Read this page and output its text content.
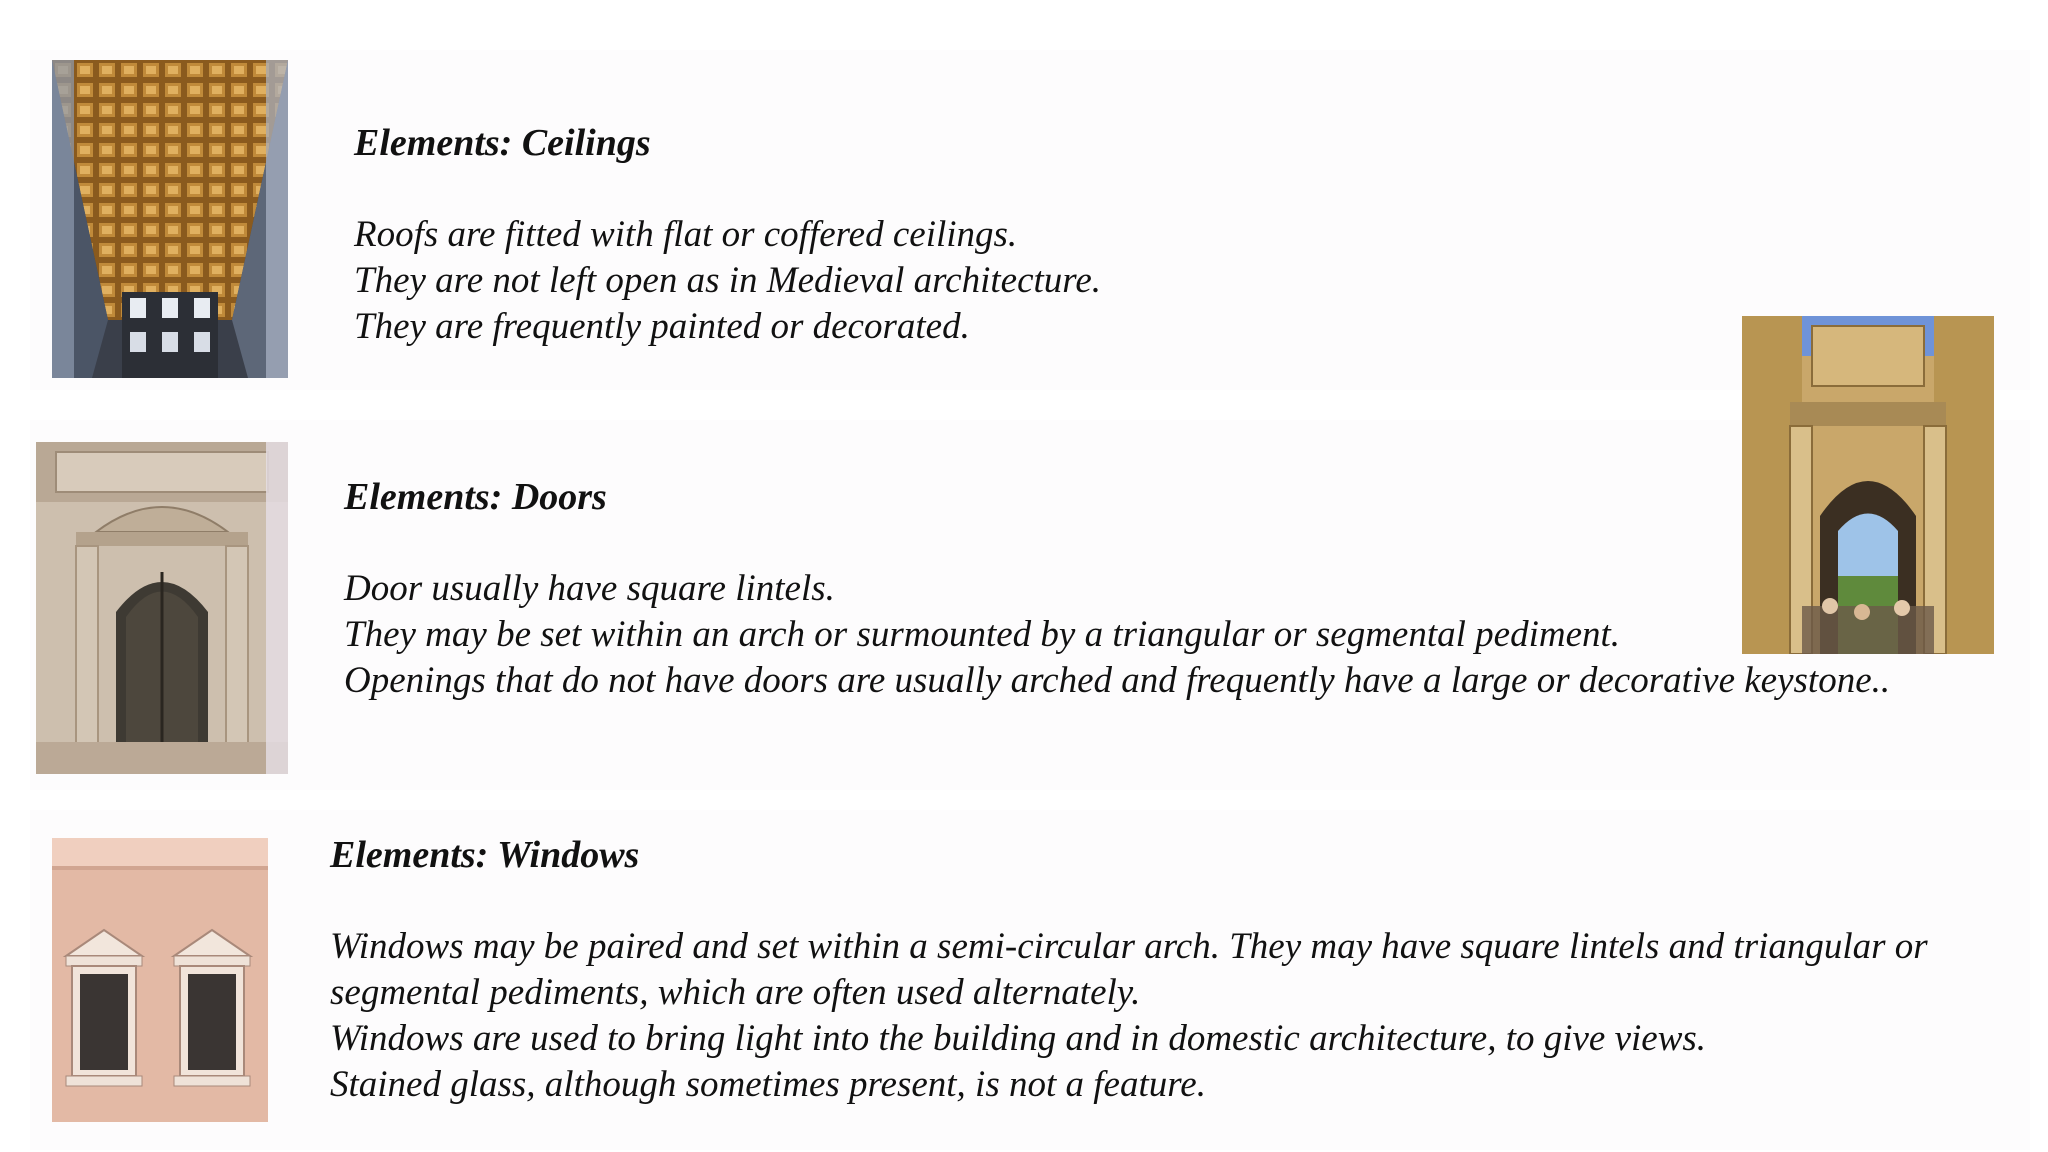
Elements: Ceilings

Roofs are fitted with flat or coffered ceilings.

They are not left open as in Medieval architecture.

They are frequently painted or decorated.

Elements: Doors

Door usually have square lintels.

They may be set within an arch or surmounted by a triangular or segmental pediment.

Openings that do not have doors are usually arched and frequently have a large or decorative keystone..

Elements: Windows

Windows may be paired and set within a semi-circular arch. They may have square lintels and triangular or

segmental pediments, which are often used alternately.

Windows are used to bring light into the building and in domestic architecture, to give views.

Stained glass, although sometimes present, is not a feature.
